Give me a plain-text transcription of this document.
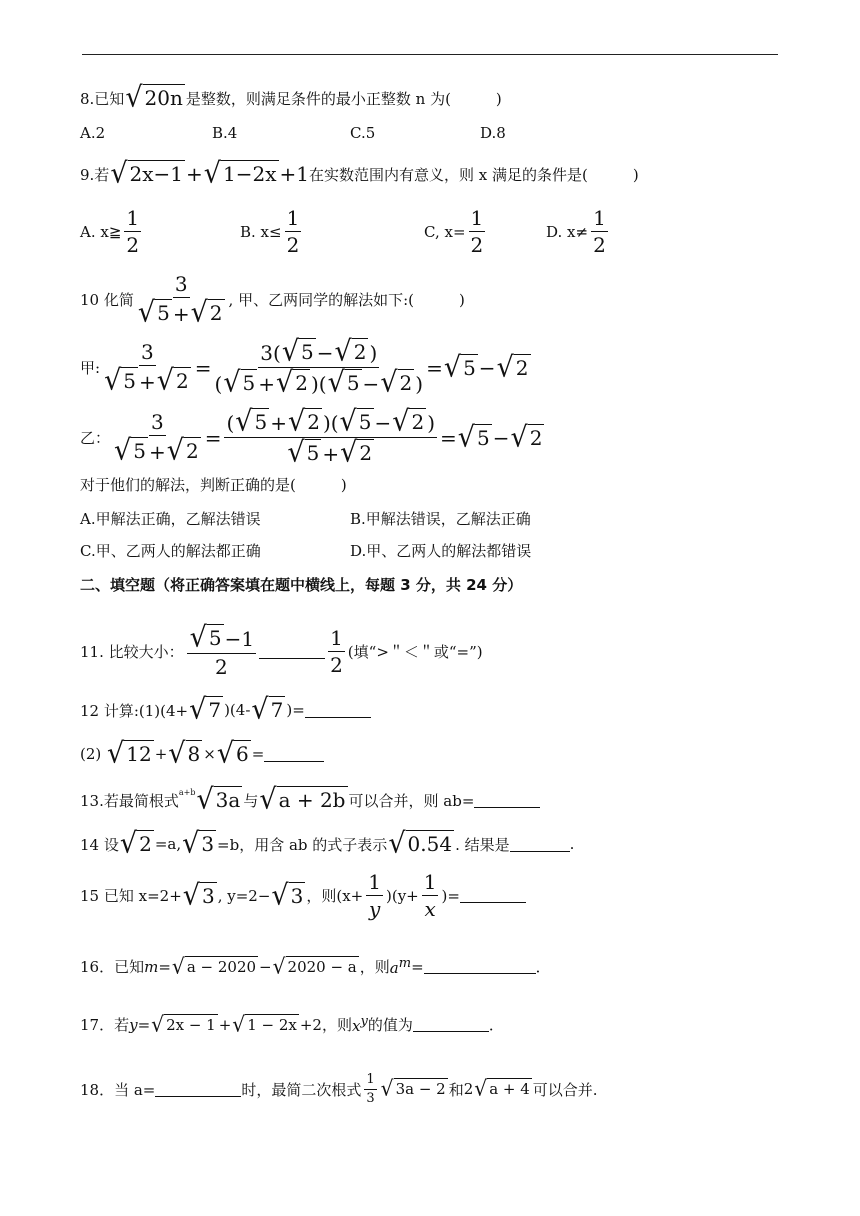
8.已知 √ 20n 是整数，则满足条件的最小正整数 n 为(　　　)
A.2	B.4	C.5	D.8
9.若 √ 2x−1 + √ 1−2x +1 在实数范围内有意义，则 x 满足的条件是(　　　)
A. x≧ $\frac{1}{2}$	B. $x\le \frac{1}{2}$	C, $x= \frac{1}{2}$	D. $x\ne \frac{1}{2}$
10 化简 $\frac{3}{√ 5 + √ 2}$ , 甲、乙两同学的解法如下:(　　　)
甲: $\frac{3}{√ 5 + √ 2} = \frac{3( √ 5 - √ 2 )}{( √ 5 + √ 2 )( √ 5 - √ 2 )}$ = √ 5 − √ 2
乙： $\frac{3}{√ 5 + √ 2} = \frac{( √ 5 + √ 2 )( √ 5 - √ 2 )}{√ 5 + √ 2}$ = √ 5 − √ 2
对于他们的解法，判断正确的是(　　　)
A.甲解法正确，乙解法错误	B.甲解法错误，乙解法正确
C.甲、乙两人的解法都正确	D.甲、乙两人的解法都错误
二、填空题（将正确答案填在题中横线上，每题 3 分，共 24 分）
11. 比较大小： $\frac{√ 5 -1}{2}$	$\frac{1}{2}$ (填“>＂＜＂或“=”)
12 计算:(1)(4+ √ 7 )(4- √ 7 )=
(2)
√ 12 + √ 8 × √ 6 =
13.若最简根式 a+b √ 3a 与 √ a + 2b 可以合并，则 ab=
14 设 √ 2 =a, √ 3 =b，用含 ab 的式子表示 √ 0.54 . 结果是	.
15 已知 x=2+ √ 3 , y=2− √ 3 ，则$(x+ \frac{1}{y} )(y+ \frac{1}{x}$ )=
16．已知 m = √ a − 2020 − √ 2020 − a ，则 $a^m$ =	．
17．若 y = √ 2x − 1 + √ 1 − 2x +2 ，则 $x^y$ 的值为	．
18．当 a=	时，最简二次根式 $\frac{1}{3}$ √ 3a − 2 和 2 √ a + 4 可以合并.
